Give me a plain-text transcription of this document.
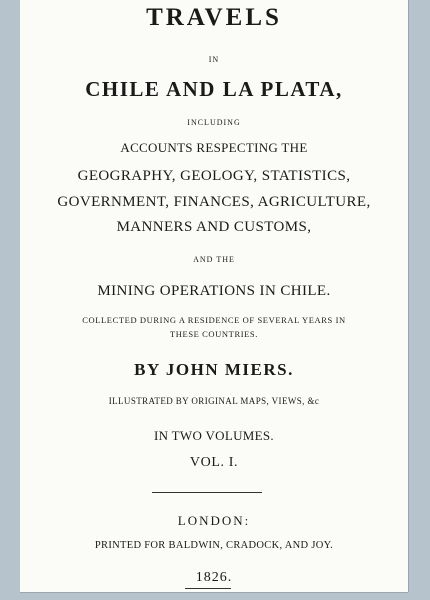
TRAVELS
IN
CHILE AND LA PLATA,
INCLUDING
ACCOUNTS RESPECTING THE
GEOGRAPHY, GEOLOGY, STATISTICS,
GOVERNMENT, FINANCES, AGRICULTURE,
MANNERS AND CUSTOMS,
AND THE
MINING OPERATIONS IN CHILE.
COLLECTED DURING A RESIDENCE OF SEVERAL YEARS IN
THESE COUNTRIES.
BY JOHN MIERS.
ILLUSTRATED BY ORIGINAL MAPS, VIEWS, &c
IN TWO VOLUMES.
VOL. I.
LONDON:
PRINTED FOR BALDWIN, CRADOCK, AND JOY.
1826.
